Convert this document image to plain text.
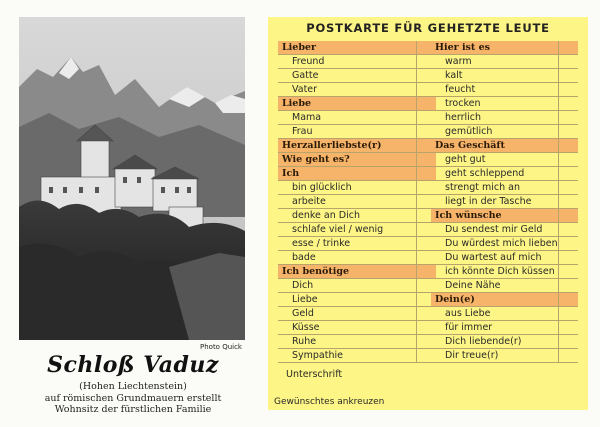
Photo Quick
Schloß Vaduz
(Hohen Liechtenstein)
auf römischen Grundmauern erstellt
Wohnsitz der fürstlichen Familie
POSTKARTE FÜR GEHETZTE LEUTE
Lieber
Freund
Gatte
Vater
Liebe
Mama
Frau
Herzallerliebste(r)
Wie geht es?
Ich
bin glücklich
arbeite
denke an Dich
schlafe viel / wenig
esse / trinke
bade
Ich benötige
Dich
Liebe
Geld
Küsse
Ruhe
Sympathie
Hier ist es
warm
kalt
feucht
trocken
herrlich
gemütlich
Das Geschäft
geht gut
geht schleppend
strengt mich an
liegt in der Tasche
Ich wünsche
Du sendest mir Geld
Du würdest mich lieben
Du wartest auf mich
ich könnte Dich küssen
Deine Nähe
Dein(e)
aus Liebe
für immer
Dich liebende(r)
Dir treue(r)
Unterschrift
Gewünschtes ankreuzen
